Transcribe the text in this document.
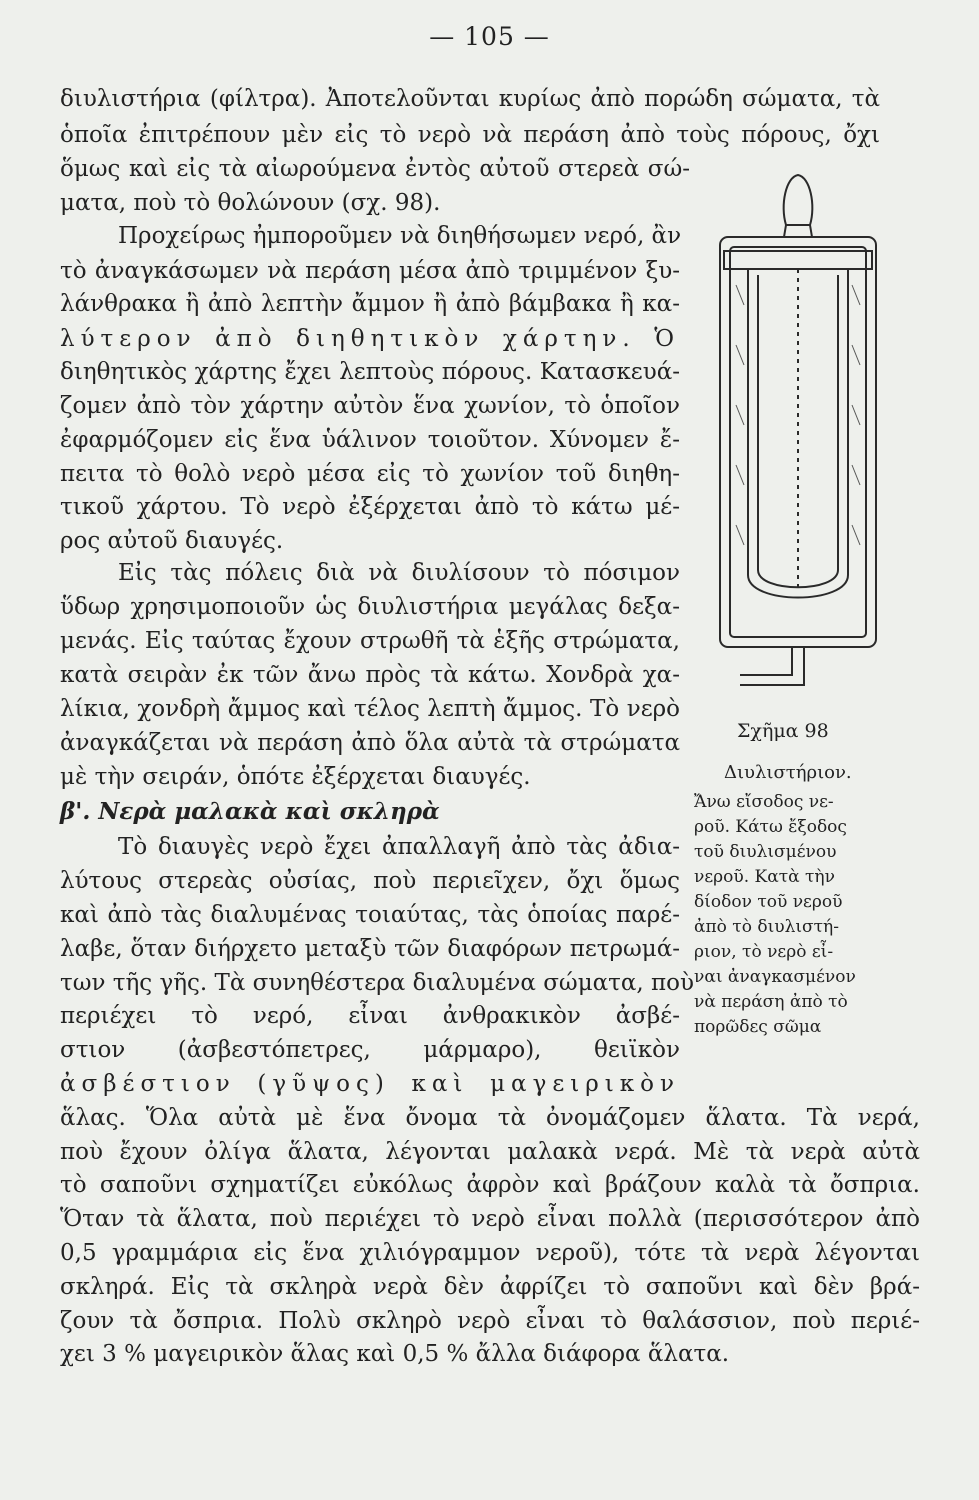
— 105 —
διυλιστήρια (φίλτρα). Ἀποτελοῦνται κυρίως ἀπὸ πορώδη σώματα, τὰ
ὁποῖα ἐπιτρέπουν μὲν εἰς τὸ νερὸ νὰ περάση ἀπὸ τοὺς πόρους, ὄχι
ὅμως καὶ εἰς τὰ αἰωρούμενα ἐντὸς αὐτοῦ στερεὰ σώ-
ματα, ποὺ τὸ θολώνουν (σχ. 98).
Προχείρως ἠμποροῦμεν νὰ διηθήσωμεν νερό, ἂν
τὸ ἀναγκάσωμεν νὰ περάση μέσα ἀπὸ τριμμένον ξυ-
λάνθρακα ἢ ἀπὸ λεπτὴν ἄμμον ἢ ἀπὸ βάμβακα ἢ κα-
λύτερον ἀπὸ διηθητικὸν χάρτην. Ὁ
διηθητικὸς χάρτης ἔχει λεπτοὺς πόρους. Κατασκευά-
ζομεν ἀπὸ τὸν χάρτην αὐτὸν ἕνα χωνίον, τὸ ὁποῖον
ἐφαρμόζομεν εἰς ἕνα ὑάλινον τοιοῦτον. Χύνομεν ἔ-
πειτα τὸ θολὸ νερὸ μέσα εἰς τὸ χωνίον τοῦ διηθη-
τικοῦ χάρτου. Τὸ νερὸ ἐξέρχεται ἀπὸ τὸ κάτω μέ-
ρος αὐτοῦ διαυγές.
Εἰς τὰς πόλεις διὰ νὰ διυλίσουν τὸ πόσιμον
ὕδωρ χρησιμοποιοῦν ὡς διυλιστήρια μεγάλας δεξα-
μενάς. Εἰς ταύτας ἔχουν στρωθῆ τὰ ἑξῆς στρώματα,
κατὰ σειρὰν ἐκ τῶν ἄνω πρὸς τὰ κάτω. Χονδρὰ χα-
λίκια, χονδρὴ ἄμμος καὶ τέλος λεπτὴ ἄμμος. Τὸ νερὸ
ἀναγκάζεται νὰ περάση ἀπὸ ὅλα αὐτὰ τὰ στρώματα
μὲ τὴν σειράν, ὁπότε ἐξέρχεται διαυγές.
β'. Νερὰ μαλακὰ καὶ σκληρὰ
Τὸ διαυγὲς νερὸ ἔχει ἀπαλλαγῆ ἀπὸ τὰς ἀδια-
λύτους στερεὰς οὐσίας, ποὺ περιεῖχεν, ὄχι ὅμως
καὶ ἀπὸ τὰς διαλυμένας τοιαύτας, τὰς ὁποίας παρέ-
λαβε, ὅταν διήρχετο μεταξὺ τῶν διαφόρων πετρωμά-
των τῆς γῆς. Τὰ συνηθέστερα διαλυμένα σώματα, ποὺ
περιέχει τὸ νερό, εἶναι ἀνθρακικὸν ἀσβέ-
στιον (ἀσβεστόπετρες, μάρμαρο), θειϊκὸν
ἀσβέστιον (γῦψος) καὶ μαγειρικὸν
ἅλας. Ὅλα αὐτὰ μὲ ἕνα ὄνομα τὰ ὀνομάζομεν ἅλατα. Τὰ νερά,
ποὺ ἔχουν ὀλίγα ἅλατα, λέγονται μαλακὰ νερά. Μὲ τὰ νερὰ αὐτὰ
τὸ σαποῦνι σχηματίζει εὐκόλως ἀφρὸν καὶ βράζουν καλὰ τὰ ὄσπρια.
Ὅταν τὰ ἅλατα, ποὺ περιέχει τὸ νερὸ εἶναι πολλὰ (περισσότερον ἀπὸ
0,5 γραμμάρια εἰς ἕνα χιλιόγραμμον νεροῦ), τότε τὰ νερὰ λέγονται
σκληρά. Εἰς τὰ σκληρὰ νερὰ δὲν ἀφρίζει τὸ σαποῦνι καὶ δὲν βρά-
ζουν τὰ ὄσπρια. Πολὺ σκληρὸ νερὸ εἶναι τὸ θαλάσσιον, ποὺ περιέ-
χει 3 % μαγειρικὸν ἅλας καὶ 0,5 % ἄλλα διάφορα ἅλατα.
Σχῆμα 98
Διυλιστήριον.
Ἄνω εἴσοδος νε-
ροῦ. Κάτω ἔξοδος
τοῦ διυλισμένου
νεροῦ. Κατὰ τὴν
δίοδον τοῦ νεροῦ
ἀπὸ τὸ διυλιστή-
ριον, τὸ νερὸ εἶ-
ναι ἀναγκασμένον
νὰ περάση ἀπὸ τὸ
πορῶδες σῶμα
